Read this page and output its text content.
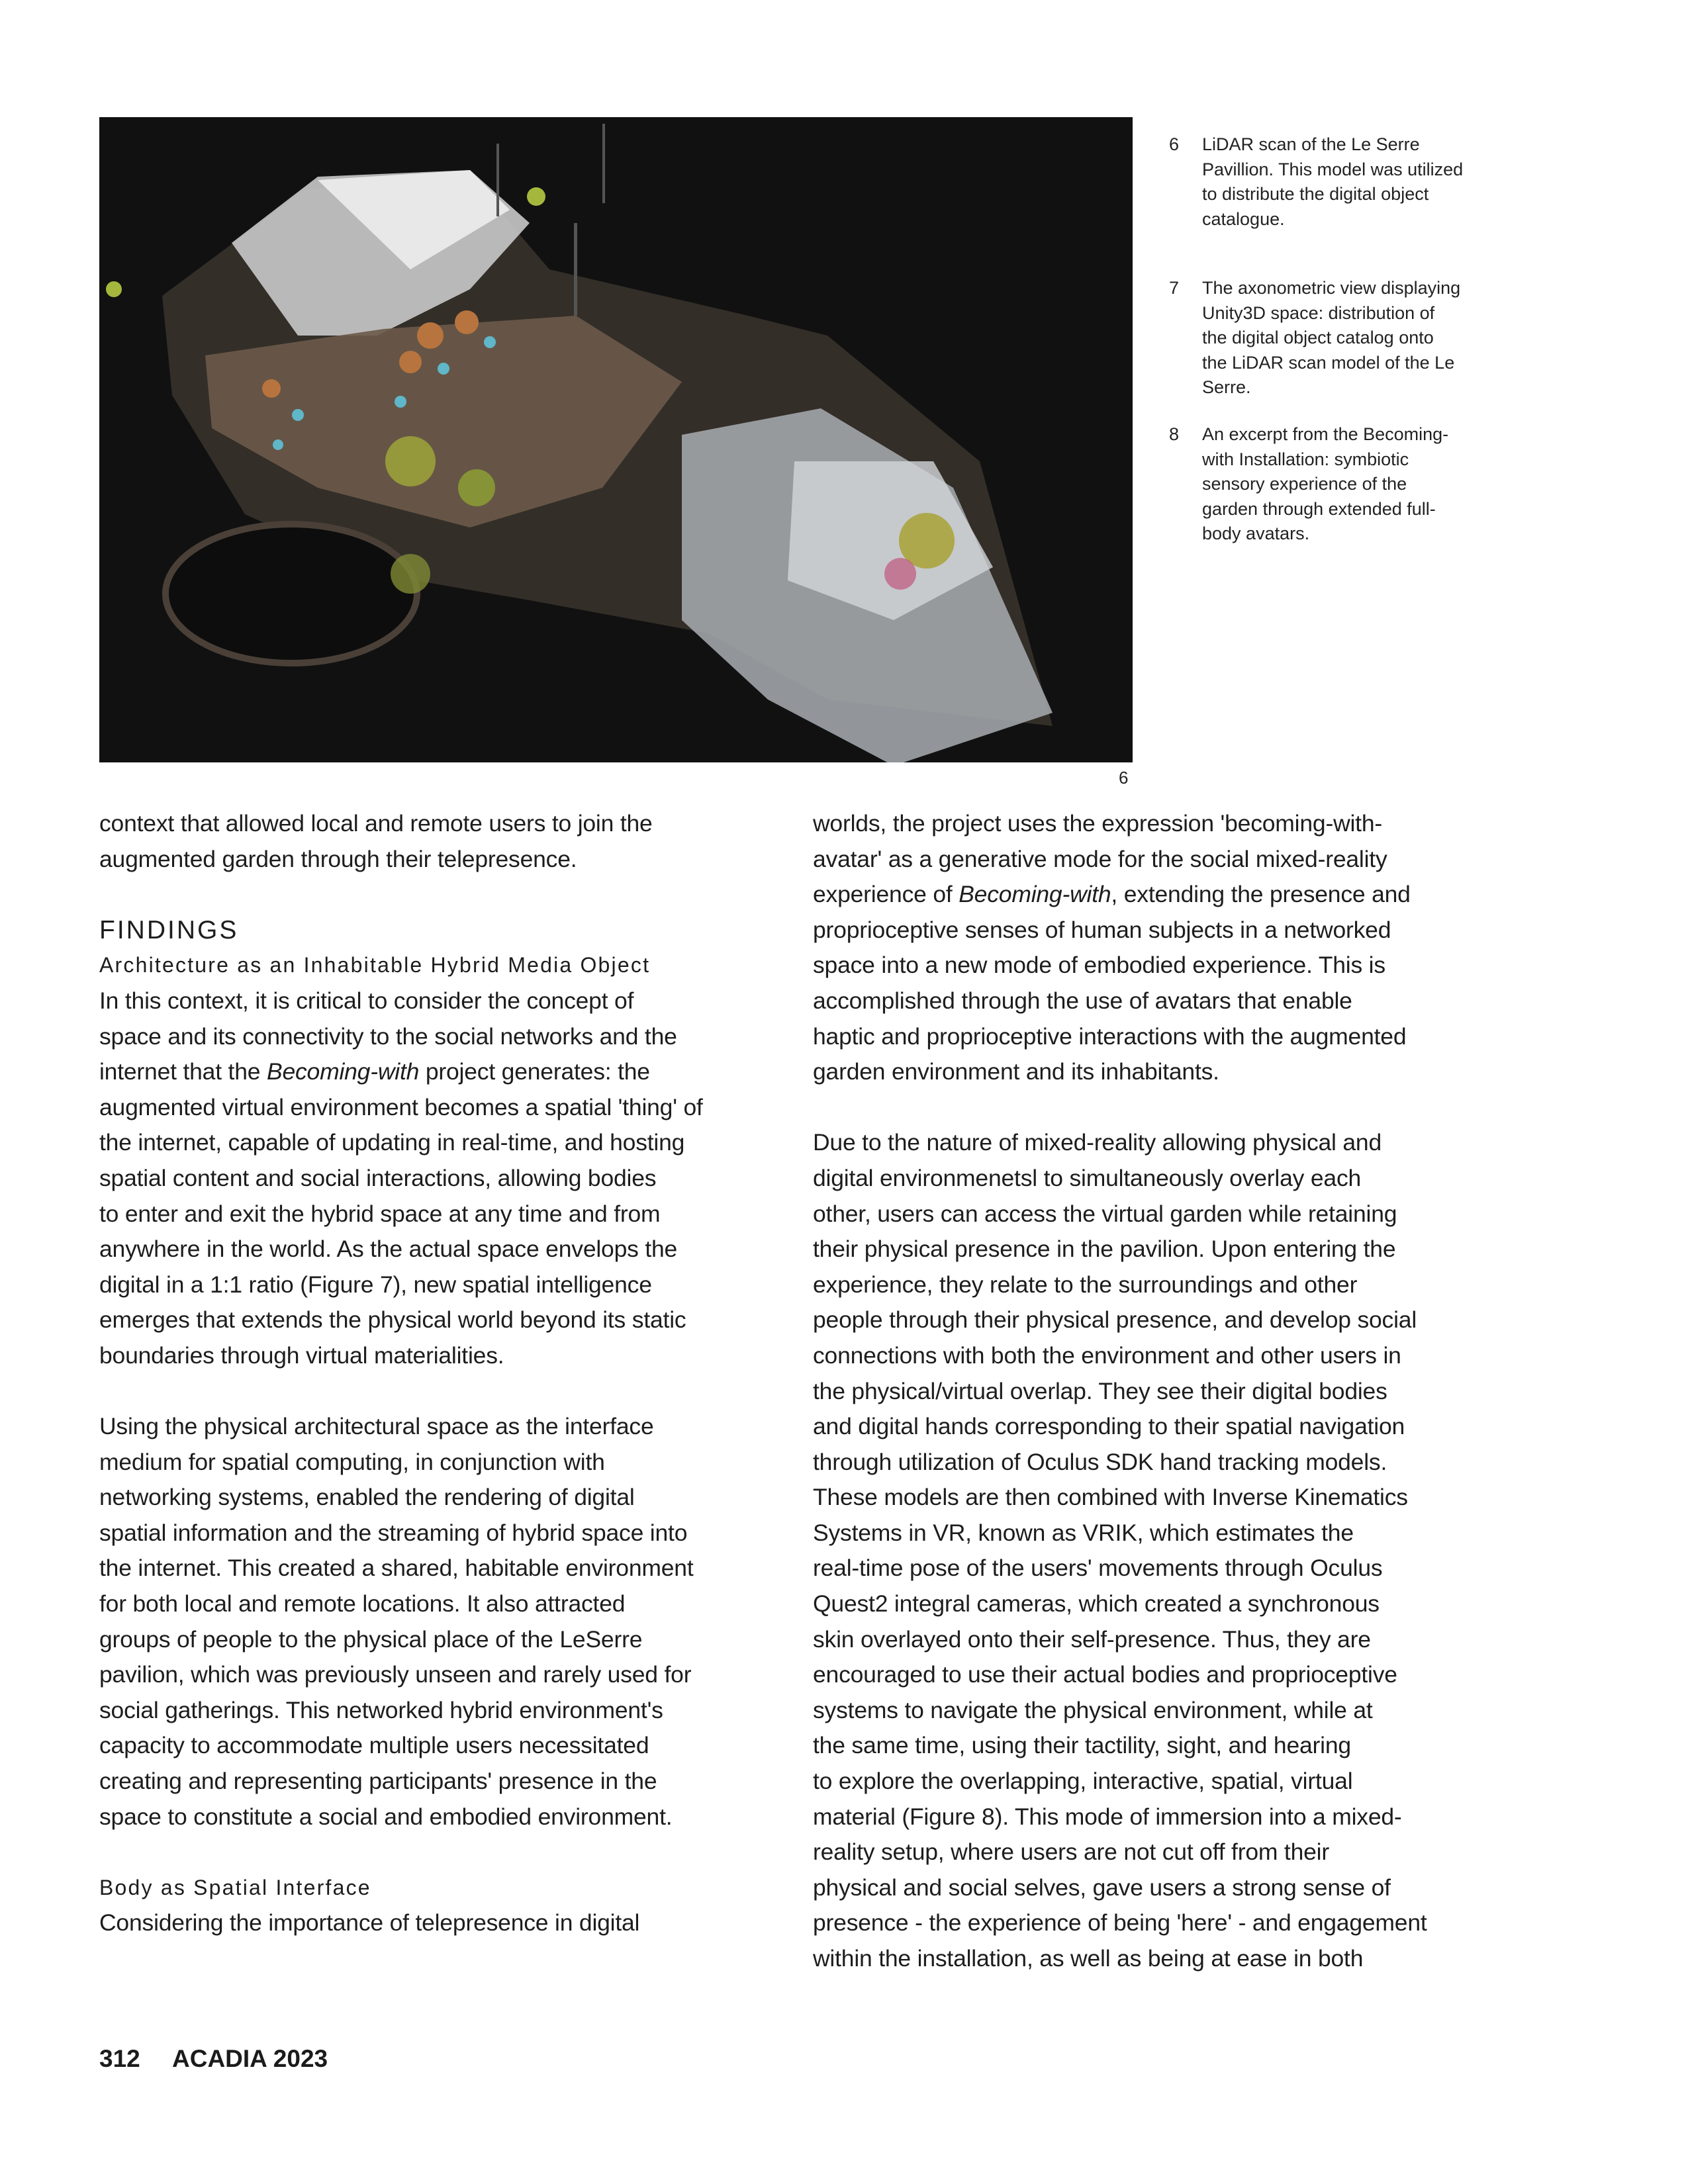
6
6 LiDAR scan of the Le Serre
Pavillion. This model was utilized
to distribute the digital object
catalogue.
7 The axonometric view displaying
Unity3D space: distribution of
the digital object catalog onto
the LiDAR scan model of the Le
Serre.
8 An excerpt from the Becoming-
with Installation: symbiotic
sensory experience of the
garden through extended full-
body avatars.
context that allowed local and remote users to join the
augmented garden through their telepresence.
FINDINGS
Architecture as an Inhabitable Hybrid Media Object
In this context, it is critical to consider the concept of
space and its connectivity to the social networks and the
internet that the Becoming-with project generates: the
augmented virtual environment becomes a spatial 'thing' of
the internet, capable of updating in real-time, and hosting
spatial content and social interactions, allowing bodies
to enter and exit the hybrid space at any time and from
anywhere in the world. As the actual space envelops the
digital in a 1:1 ratio (Figure 7), new spatial intelligence
emerges that extends the physical world beyond its static
boundaries through virtual materialities.
Using the physical architectural space as the interface
medium for spatial computing, in conjunction with
networking systems, enabled the rendering of digital
spatial information and the streaming of hybrid space into
the internet. This created a shared, habitable environment
for both local and remote locations. It also attracted
groups of people to the physical place of the LeSerre
pavilion, which was previously unseen and rarely used for
social gatherings. This networked hybrid environment's
capacity to accommodate multiple users necessitated
creating and representing participants' presence in the
space to constitute a social and embodied environment.
Body as Spatial Interface
Considering the importance of telepresence in digital
worlds, the project uses the expression 'becoming-with-
avatar' as a generative mode for the social mixed-reality
experience of Becoming-with, extending the presence and
proprioceptive senses of human subjects in a networked
space into a new mode of embodied experience. This is
accomplished through the use of avatars that enable
haptic and proprioceptive interactions with the augmented
garden environment and its inhabitants.
Due to the nature of mixed-reality allowing physical and
digital environmenetsl to simultaneously overlay each
other, users can access the virtual garden while retaining
their physical presence in the pavilion. Upon entering the
experience, they relate to the surroundings and other
people through their physical presence, and develop social
connections with both the environment and other users in
the physical/virtual overlap. They see their digital bodies
and digital hands corresponding to their spatial navigation
through utilization of Oculus SDK hand tracking models.
These models are then combined with Inverse Kinematics
Systems in VR, known as VRIK, which estimates the
real-time pose of the users' movements through Oculus
Quest2 integral cameras, which created a synchronous
skin overlayed onto their self-presence. Thus, they are
encouraged to use their actual bodies and proprioceptive
systems to navigate the physical environment, while at
the same time, using their tactility, sight, and hearing
to explore the overlapping, interactive, spatial, virtual
material (Figure 8). This mode of immersion into a mixed-
reality setup, where users are not cut off from their
physical and social selves, gave users a strong sense of
presence - the experience of being 'here' - and engagement
within the installation, as well as being at ease in both
312 ACADIA 2023
